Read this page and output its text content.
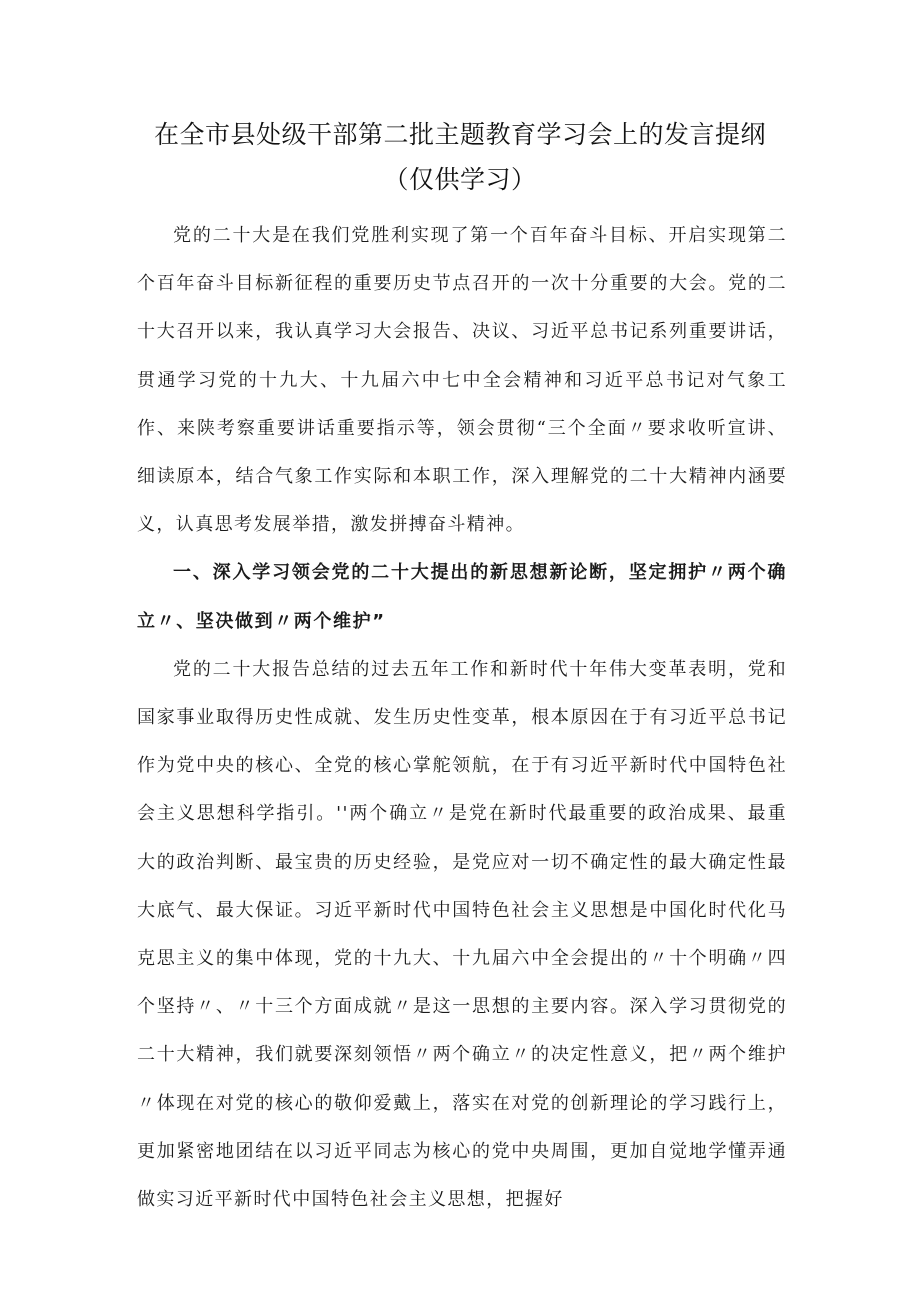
在全市县处级干部第二批主题教育学习会上的发言提纲（仅供学习）

党的二十大是在我们党胜利实现了第一个百年奋斗目标、开启实现第二个百年奋斗目标新征程的重要历史节点召开的一次十分重要的大会。党的二十大召开以来，我认真学习大会报告、决议、习近平总书记系列重要讲话，贯通学习党的十九大、十九届六中七中全会精神和习近平总书记对气象工作、来陕考察重要讲话重要指示等，领会贯彻“三个全面〃要求收听宣讲、细读原本，结合气象工作实际和本职工作，深入理解党的二十大精神内涵要义，认真思考发展举措，激发拼搏奋斗精神。

一、深入学习领会党的二十大提出的新思想新论断，坚定拥护〃两个确立〃、坚决做到〃两个维护”

党的二十大报告总结的过去五年工作和新时代十年伟大变革表明，党和国家事业取得历史性成就、发生历史性变革，根本原因在于有习近平总书记作为党中央的核心、全党的核心掌舵领航，在于有习近平新时代中国特色社会主义思想科学指引。''两个确立〃是党在新时代最重要的政治成果、最重大的政治判断、最宝贵的历史经验，是党应对一切不确定性的最大确定性最大底气、最大保证。习近平新时代中国特色社会主义思想是中国化时代化马克思主义的集中体现，党的十九大、十九届六中全会提出的〃十个明确〃四个坚持〃、〃十三个方面成就〃是这一思想的主要内容。深入学习贯彻党的二十大精神，我们就要深刻领悟〃两个确立〃的决定性意义，把〃两个维护〃体现在对党的核心的敬仰爱戴上，落实在对党的创新理论的学习践行上，更加紧密地团结在以习近平同志为核心的党中央周围，更加自觉地学懂弄通做实习近平新时代中国特色社会主义思想，把握好
